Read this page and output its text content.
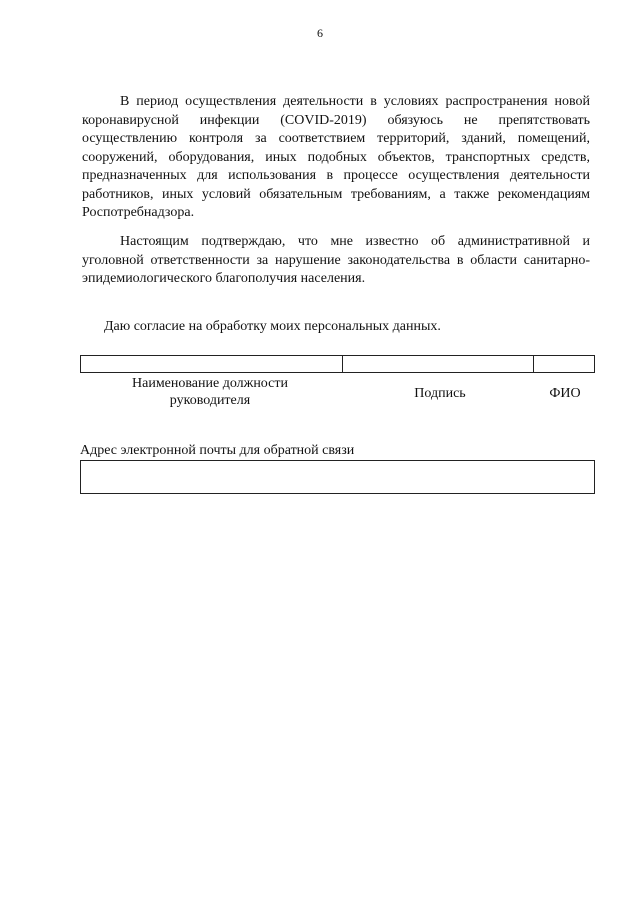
6

В период осуществления деятельности в условиях распространения новой коронавирусной инфекции (COVID-2019) обязуюсь не препятствовать осуществлению контроля за соответствием территорий, зданий, помещений, сооружений, оборудования, иных подобных объектов, транспортных средств, предназначенных для использования в процессе осуществления деятельности работников, иных условий обязательным требованиям, а также рекомендациям Роспотребнадзора.

Настоящим подтверждаю, что мне известно об административной и уголовной ответственности за нарушение законодательства в области санитарно-эпидемиологического благополучия населения.

Даю согласие на обработку моих персональных данных.

Наименование должности руководителя	Подпись	ФИО

Адрес электронной почты для обратной связи
